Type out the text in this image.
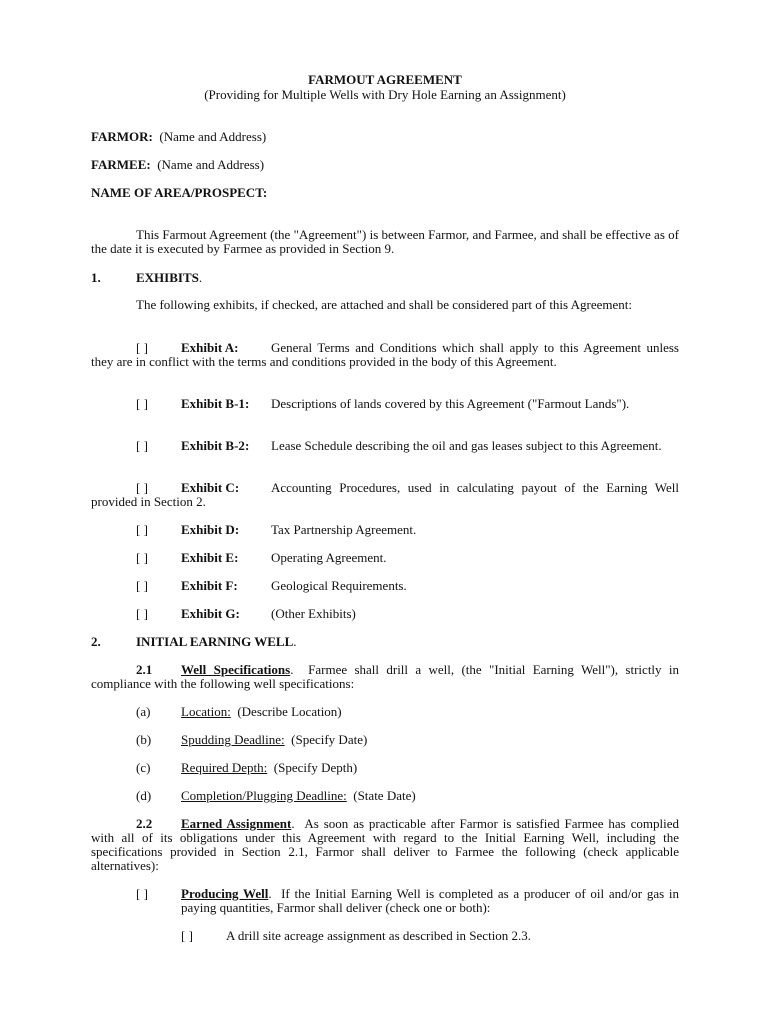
FARMOUT AGREEMENT
(Providing for Multiple Wells with Dry Hole Earning an Assignment)
FARMOR: (Name and Address)
FARMEE: (Name and Address)
NAME OF AREA/PROSPECT:
This Farmout Agreement (the "Agreement") is between Farmor, and Farmee, and shall be effective as of the date it is executed by Farmee as provided in Section 9.
1.	EXHIBITS.
The following exhibits, if checked, are attached and shall be considered part of this Agreement:
[ ]	Exhibit A:	General Terms and Conditions which shall apply to this Agreement unless they are in conflict with the terms and conditions provided in the body of this Agreement.
[ ]	Exhibit B-1: Descriptions of lands covered by this Agreement ("Farmout Lands").
[ ]	Exhibit B-2: Lease Schedule describing the oil and gas leases subject to this Agreement.
[ ]	Exhibit C: Accounting Procedures, used in calculating payout of the Earning Well provided in Section 2.
[ ]	Exhibit D: Tax Partnership Agreement.
[ ]	Exhibit E:	Operating Agreement.
[ ]	Exhibit F:	Geological Requirements.
[ ]	Exhibit G: (Other Exhibits)
2.	INITIAL EARNING WELL.
2.1 Well Specifications.  Farmee shall drill a well, (the "Initial Earning Well"), strictly in compliance with the following well specifications:
(a) Location: (Describe Location)
(b) Spudding Deadline: (Specify Date)
(c) Required Depth: (Specify Depth)
(d) Completion/Plugging Deadline: (State Date)
2.2 Earned Assignment.  As soon as practicable after Farmor is satisfied Farmee has complied with all of its obligations under this Agreement with regard to the Initial Earning Well, including the specifications provided in Section 2.1, Farmor shall deliver to Farmee the following (check applicable alternatives):
[ ]	Producing Well.  If the Initial Earning Well is completed as a producer of oil and/or gas in paying quantities, Farmor shall deliver (check one or both):
[ ]	A drill site acreage assignment as described in Section 2.3.
